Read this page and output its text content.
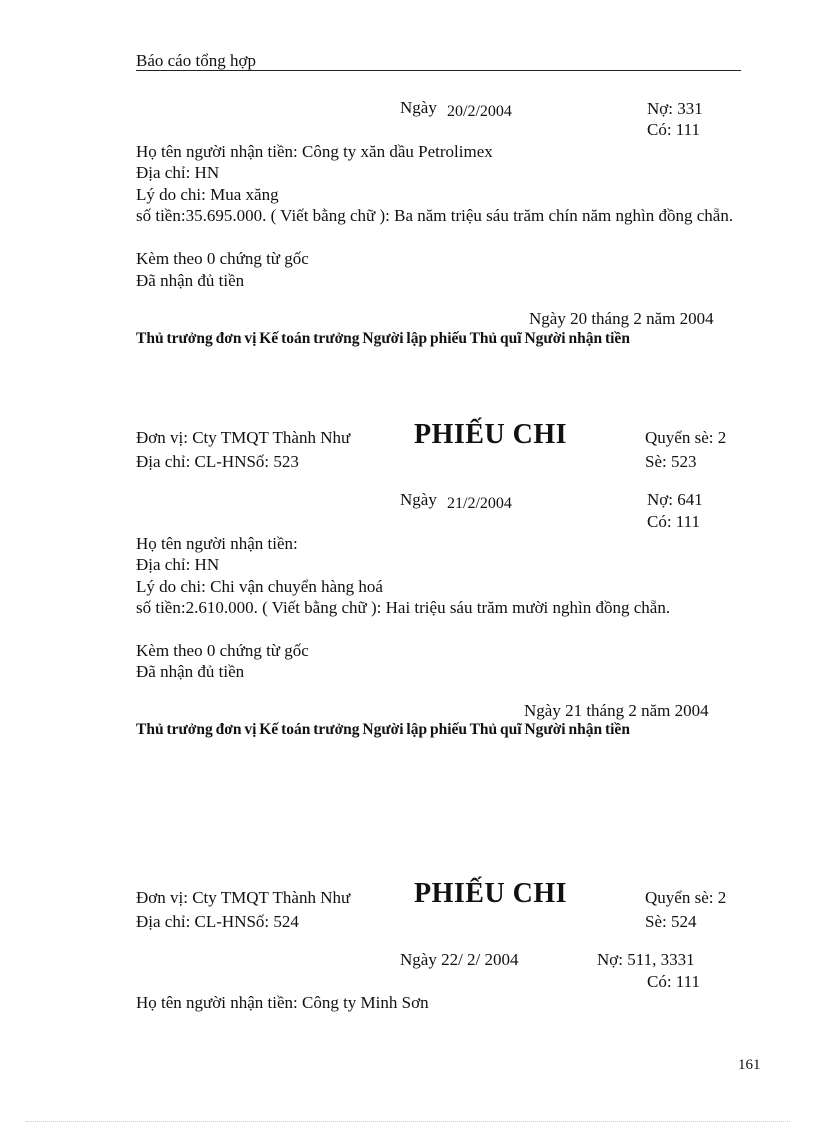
Báo cáo tổng hợp
Ngày 20/2/2004	Nợ: 331
Có: 111
Họ tên người nhận tiền: Công ty xăn dầu Petrolimex
Địa chỉ: HN
Lý do chi: Mua xăng
số tiền:35.695.000. ( Viết bằng chữ ): Ba năm triệu sáu trăm chín năm nghìn đồng chẵn.
Kèm theo 0 chứng từ gốc
Đã nhận đủ tiền
Ngày 20 tháng 2 năm 2004
Thủ trưởng đơn vị Kế toán trưởng Người lập phiếu Thủ quĩ Người nhận tiền
Đơn vị: Cty TMQT Thành Như PHIẾU CHI	Quyển sè: 2
Địa chỉ: CL-HNSố: 523	Sè: 523
Ngày 21/2/2004	Nợ: 641
Có: 111
Họ tên người nhận tiền:
Địa chỉ: HN
Lý do chi: Chi vận chuyển hàng hoá
số tiền:2.610.000. ( Viết bằng chữ ): Hai triệu sáu trăm mười nghìn đồng chẵn.
Kèm theo 0 chứng từ gốc
Đã nhận đủ tiền
Ngày 21 tháng 2 năm 2004
Thủ trưởng đơn vị Kế toán trưởng Người lập phiếu Thủ quĩ Người nhận tiền
Đơn vị: Cty TMQT Thành Như PHIẾU CHI	Quyển sè: 2
Địa chỉ: CL-HNSố: 524	Sè: 524
Ngày 22/ 2/ 2004	Nợ: 511, 3331
Có: 111
Họ tên người nhận tiền: Công ty Minh Sơn
161
